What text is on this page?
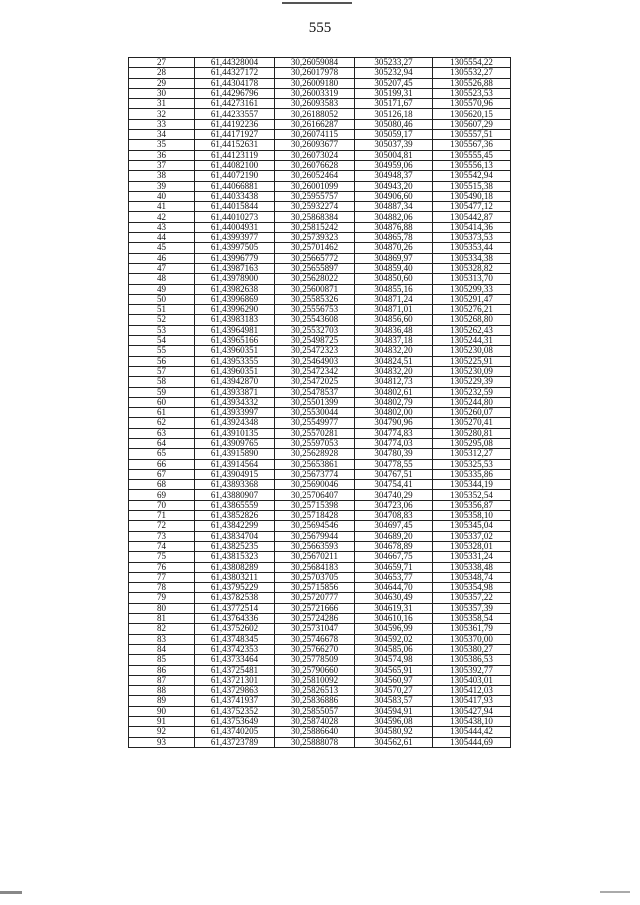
555
27	61,44328004	30,26059084	305233,27	1305554,22
28	61,44327172	30,26017978	305232,94	1305532,27
29	61,44304178	30,26009180	305207,45	1305526,88
30	61,44296796	30,26003319	305199,31	1305523,53
31	61,44273161	30,26093583	305171,67	1305570,96
32	61,44233557	30,26188052	305126,18	1305620,15
33	61,44192236	30,26166287	305080,46	1305607,29
34	61,44171927	30,26074115	305059,17	1305557,51
35	61,44152631	30,26093677	305037,39	1305567,36
36	61,44123119	30,26073024	305004,81	1305555,45
37	61,44082100	30,26076628	304959,06	1305556,13
38	61,44072190	30,26052464	304948,37	1305542,94
39	61,44066881	30,26001099	304943,20	1305515,38
40	61,44033438	30,25955757	304906,60	1305490,18
41	61,44015844	30,25932274	304887,34	1305477,12
42	61,44010273	30,25868384	304882,06	1305442,87
43	61,44004931	30,25815242	304876,88	1305414,36
44	61,43993977	30,25739323	304865,78	1305373,53
45	61,43997505	30,25701462	304870,26	1305353,44
46	61,43996779	30,25665772	304869,97	1305334,38
47	61,43987163	30,25655897	304859,40	1305328,82
48	61,43978900	30,25628022	304850,60	1305313,70
49	61,43982638	30,25600871	304855,16	1305299,33
50	61,43996869	30,25585326	304871,24	1305291,47
51	61,43996290	30,25556753	304871,01	1305276,21
52	61,43983183	30,25543608	304856,60	1305268,80
53	61,43964981	30,25532703	304836,48	1305262,43
54	61,43965166	30,25498725	304837,18	1305244,31
55	61,43960351	30,25472323	304832,20	1305230,08
56	61,43953355	30,25464903	304824,51	1305225,91
57	61,43960351	30,25472342	304832,20	1305230,09
58	61,43942870	30,25472025	304812,73	1305229,39
59	61,43933871	30,25478537	304802,61	1305232,59
60	61,43934332	30,25501399	304802,79	1305244,80
61	61,43933997	30,25530044	304802,00	1305260,07
62	61,43924348	30,25549977	304790,96	1305270,41
63	61,43910135	30,25570281	304774,83	1305280,81
64	61,43909765	30,25597053	304774,03	1305295,08
65	61,43915890	30,25628928	304780,39	1305312,27
66	61,43914564	30,25653861	304778,55	1305325,53
67	61,43904915	30,25673774	304767,51	1305335,86
68	61,43893368	30,25690046	304754,41	1305344,19
69	61,43880907	30,25706407	304740,29	1305352,54
70	61,43865559	30,25715398	304723,06	1305356,87
71	61,43852826	30,25718428	304708,83	1305358,10
72	61,43842299	30,25694546	304697,45	1305345,04
73	61,43834704	30,25679944	304689,20	1305337,02
74	61,43825235	30,25663593	304678,89	1305328,01
75	61,43815323	30,25670211	304667,75	1305331,24
76	61,43808289	30,25684183	304659,71	1305338,48
77	61,43803211	30,25703705	304653,77	1305348,74
78	61,43795229	30,25715856	304644,70	1305354,98
79	61,43782538	30,25720777	304630,49	1305357,22
80	61,43772514	30,25721666	304619,31	1305357,39
81	61,43764336	30,25724286	304610,16	1305358,54
82	61,43752602	30,25731047	304596,99	1305361,79
83	61,43748345	30,25746678	304592,02	1305370,00
84	61,43742353	30,25766270	304585,06	1305380,27
85	61,43733464	30,25778509	304574,98	1305386,53
86	61,43725481	30,25790660	304565,91	1305392,77
87	61,43721301	30,25810092	304560,97	1305403,01
88	61,43729863	30,25826513	304570,27	1305412,03
89	61,43741937	30,25836886	304583,57	1305417,93
90	61,43752352	30,25855057	304594,91	1305427,94
91	61,43753649	30,25874028	304596,08	1305438,10
92	61,43740205	30,25886640	304580,92	1305444,42
93	61,43723789	30,25888078	304562,61	1305444,69
